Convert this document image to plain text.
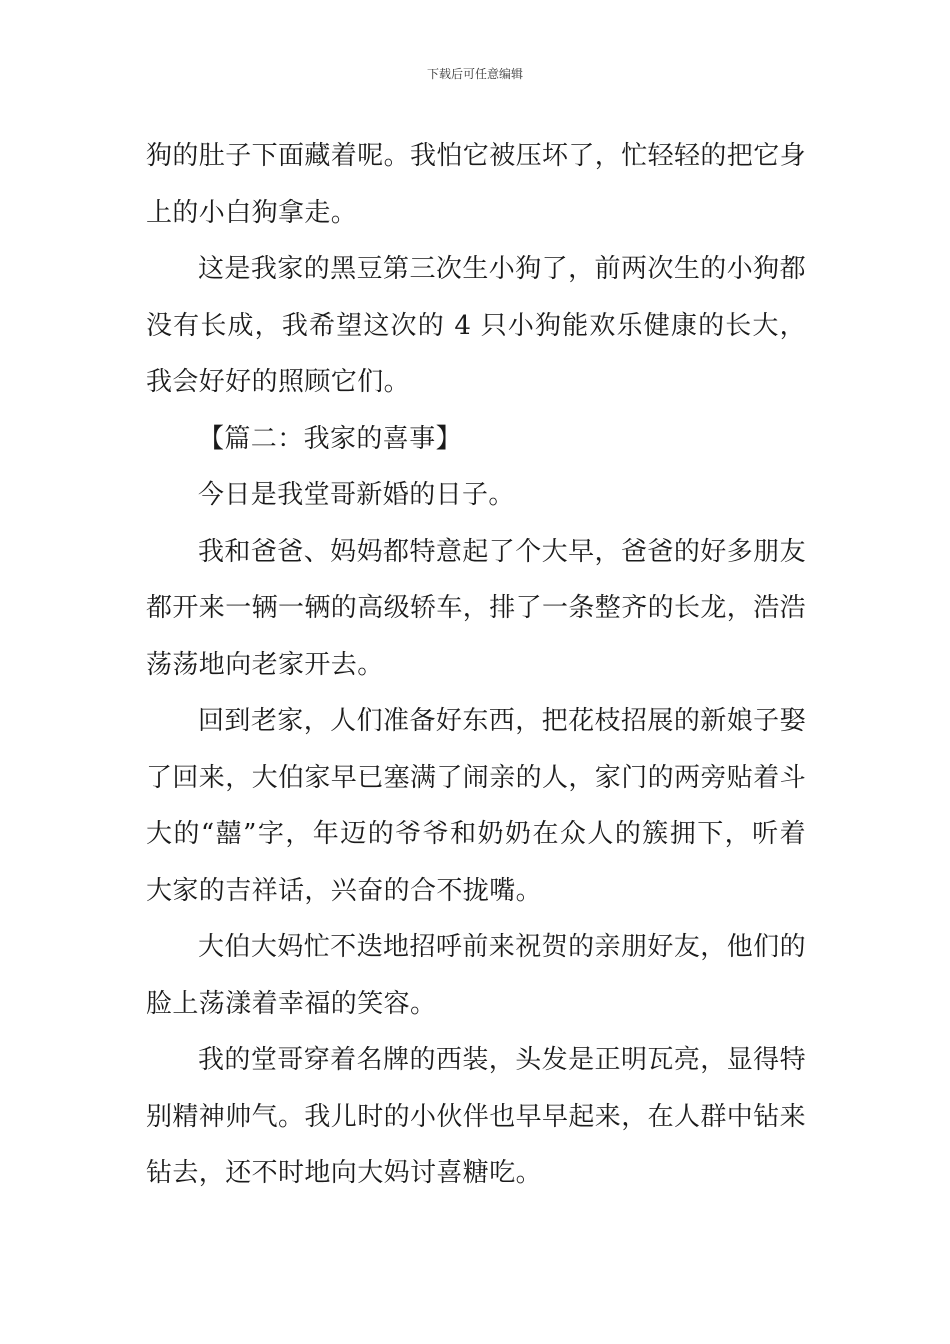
下载后可任意编辑

狗的肚子下面藏着呢。我怕它被压坏了，忙轻轻的把它身上的小白狗拿走。

这是我家的黑豆第三次生小狗了，前两次生的小狗都没有长成，我希望这次的 4 只小狗能欢乐健康的长大，我会好好的照顾它们。

【篇二：我家的喜事】

今日是我堂哥新婚的日子。

我和爸爸、妈妈都特意起了个大早，爸爸的好多朋友都开来一辆一辆的高级轿车，排了一条整齐的长龙，浩浩荡荡地向老家开去。

回到老家，人们准备好东西，把花枝招展的新娘子娶了回来，大伯家早已塞满了闹亲的人，家门的两旁贴着斗大的“囍”字，年迈的爷爷和奶奶在众人的簇拥下，听着大家的吉祥话，兴奋的合不拢嘴。

大伯大妈忙不迭地招呼前来祝贺的亲朋好友，他们的脸上荡漾着幸福的笑容。

我的堂哥穿着名牌的西装，头发是正明瓦亮，显得特别精神帅气。我儿时的小伙伴也早早起来，在人群中钻来钻去，还不时地向大妈讨喜糖吃。
